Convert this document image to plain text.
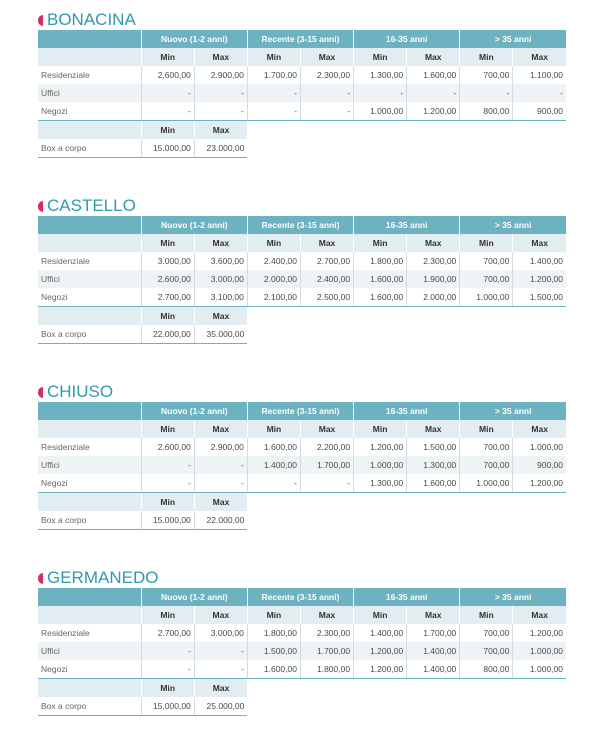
BONACINA
	Nuovo (1-2 anni)		Recente (3-15 anni)		16-35 anni		> 35 anni	
	Min	Max	Min	Max	Min	Max	Min	Max
Residenziale	2.600,00	2.900,00	1.700,00	2.300,00	1.300,00	1.600,00	700,00	1.100,00
Uffici	-	-	-	-	-	-	-	-
Negozi	-	-	-	-	1.000,00	1.200,00	800,00	900,00
	Min	Max						
Box a corpo	15.000,00	23.000,00						
CASTELLO
	Nuovo (1-2 anni)		Recente (3-15 anni)		16-35 anni		> 35 anni	
	Min	Max	Min	Max	Min	Max	Min	Max
Residenziale	3.000,00	3.600,00	2.400,00	2.700,00	1.800,00	2.300,00	700,00	1.400,00
Uffici	2.600,00	3.000,00	2.000,00	2.400,00	1.600,00	1.900,00	700,00	1.200,00
Negozi	2.700,00	3.100,00	2.100,00	2.500,00	1.600,00	2.000,00	1.000,00	1.500,00
	Min	Max						
Box a corpo	22.000,00	35.000,00						
CHIUSO
	Nuovo (1-2 anni)		Recente (3-15 anni)		16-35 anni		> 35 anni	
	Min	Max	Min	Max	Min	Max	Min	Max
Residenziale	2.600,00	2.900,00	1.600,00	2.200,00	1.200,00	1.500,00	700,00	1.000,00
Uffici	-	-	1.400,00	1.700,00	1.000,00	1.300,00	700,00	900,00
Negozi	-	-	-	-	1.300,00	1.600,00	1.000,00	1.200,00
	Min	Max						
Box a corpo	15.000,00	22.000,00						
GERMANEDO
	Nuovo (1-2 anni)		Recente (3-15 anni)		16-35 anni		> 35 anni	
	Min	Max	Min	Max	Min	Max	Min	Max
Residenziale	2.700,00	3.000,00	1.800,00	2.300,00	1.400,00	1.700,00	700,00	1.200,00
Uffici	-	-	1.500,00	1.700,00	1.200,00	1.400,00	700,00	1.000,00
Negozi	-	-	1.600,00	1.800,00	1.200,00	1.400,00	800,00	1.000,00
	Min	Max						
Box a corpo	15.000,00	25.000,00						
